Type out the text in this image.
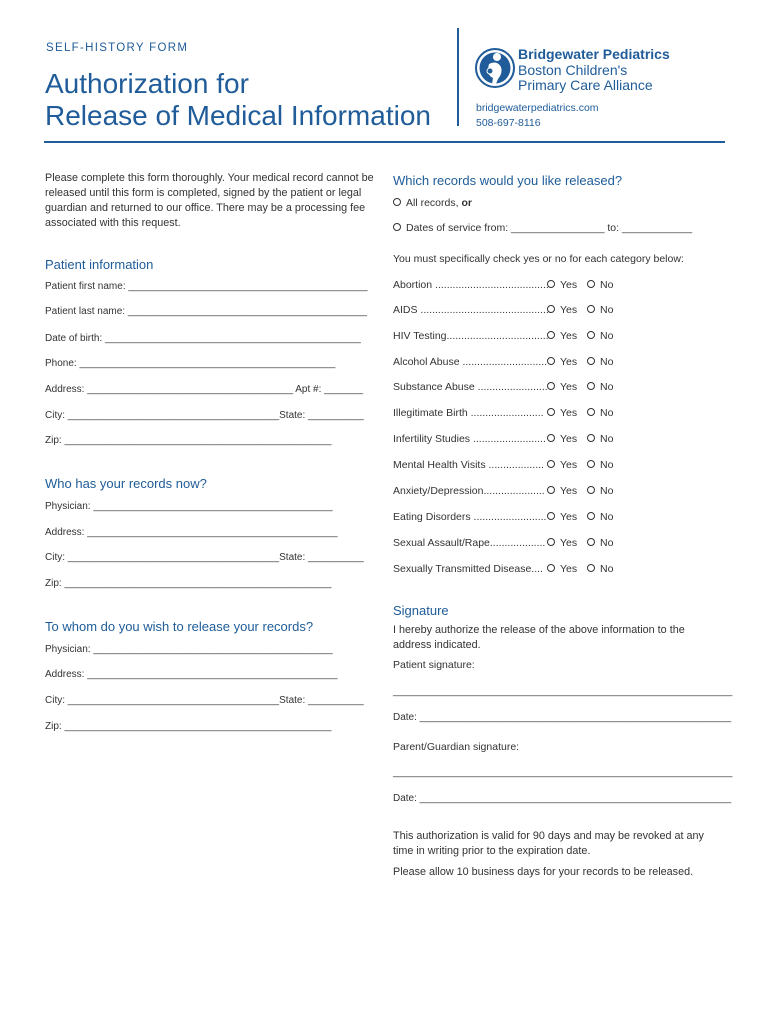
SELF-HISTORY FORM
Authorization for
Release of Medical Information
Bridgewater Pediatrics
Boston Children's
Primary Care Alliance
bridgewaterpediatrics.com
508-697-8116
Please complete this form thoroughly. Your medical record cannot be released until this form is completed, signed by the patient or legal guardian and returned to our office. There may be a processing fee associated with this request.
Patient information
Patient first name: ___________________________________________
Patient last name: ___________________________________________
Date of birth: ______________________________________________
Phone: ______________________________________________
Address: _____________________________________ Apt #: _______
City: ______________________________________State: __________
Zip: ________________________________________________
Who has your records now?
Physician: ___________________________________________
Address: _____________________________________________
City: ______________________________________State: __________
Zip: ________________________________________________
To whom do you wish to release your records?
Physician: ___________________________________________
Address: _____________________________________________
City: ______________________________________State: __________
Zip: ________________________________________________
Which records would you like released?
All records, or
Dates of service from: ________________ to: ____________
You must specifically check yes or no for each category below:
Abortion .......................................	Yes	No
AIDS ............................................. Yes	No
HIV Testing...................................	Yes	No
Alcohol Abuse .............................	Yes	No
Substance Abuse ........................	Yes	No
Illegitimate Birth .........................	Yes	No
Infertility Studies .........................	Yes	No
Mental Health Visits ...................	Yes	No
Anxiety/Depression.....................	Yes	No
Eating Disorders .........................	Yes	No
Sexual Assault/Rape...................	Yes	No
Sexually Transmitted Disease....	Yes	No
Signature
I hereby authorize the release of the above information to the address indicated.
Patient signature:
_____________________________________________________________
Date: ________________________________________________________
Parent/Guardian signature:
_____________________________________________________________
Date: ________________________________________________________
This authorization is valid for 90 days and may be revoked at any time in writing prior to the expiration date.
Please allow 10 business days for your records to be released.
